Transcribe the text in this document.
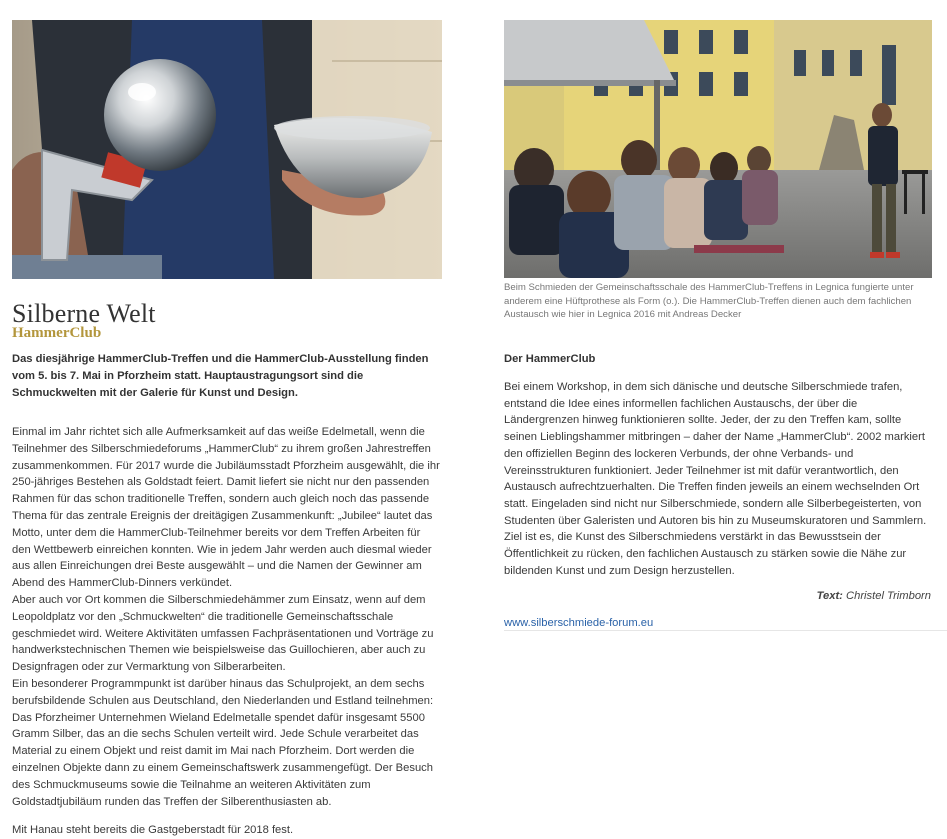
Silberne Welt
HammerClub

Das diesjährige HammerClub-Treffen und die HammerClub-Ausstellung finden vom 5. bis 7. Mai in Pforzheim statt. Hauptaustragungsort sind die Schmuckwelten mit der Galerie für Kunst und Design.

Einmal im Jahr richtet sich alle Aufmerksamkeit auf das weiße Edelmetall, wenn die Teilnehmer des Silberschmiedeforums „HammerClub“ zu ihrem großen Jahrestreffen zusammenkommen. Für 2017 wurde die Jubiläumsstadt Pforzheim ausgewählt, die ihr 250-jähriges Bestehen als Goldstadt feiert. Damit liefert sie nicht nur den passenden Rahmen für das schon traditionelle Treffen, sondern auch gleich noch das passende Thema für das zentrale Ereignis der dreitägigen Zusammenkunft: „Jubilee“ lautet das Motto, unter dem die HammerClub-Teilnehmer bereits vor dem Treffen Arbeiten für den Wettbewerb einreichen konnten. Wie in jedem Jahr werden auch diesmal wieder aus allen Einreichungen drei Beste ausgewählt – und die Namen der Gewinner am Abend des HammerClub-Dinners verkündet.

Aber auch vor Ort kommen die Silberschmiedehämmer zum Einsatz, wenn auf dem Leopoldplatz vor den „Schmuckwelten“ die traditionelle Gemeinschaftsschale geschmiedet wird. Weitere Aktivitäten umfassen Fachpräsentationen und Vorträge zu handwerkstechnischen Themen wie beispielsweise das Guillochieren, aber auch zu Designfragen oder zur Vermarktung von Silberarbeiten.

Ein besonderer Programmpunkt ist darüber hinaus das Schulprojekt, an dem sechs berufsbildende Schulen aus Deutschland, den Niederlanden und Estland teilnehmen: Das Pforzheimer Unternehmen Wieland Edelmetalle spendet dafür insgesamt 5500 Gramm Silber, das an die sechs Schulen verteilt wird. Jede Schule verarbeitet das Material zu einem Objekt und reist damit im Mai nach Pforzheim. Dort werden die einzelnen Objekte dann zu einem Gemeinschaftswerk zusammengefügt. Der Besuch des Schmuckmuseums sowie die Teilnahme an weiteren Aktivitäten zum Goldstadtjubiläum runden das Treffen der Silberenthusiasten ab.

Mit Hanau steht bereits die Gastgeberstadt für 2018 fest.

Beim Schmieden der Gemeinschaftsschale des HammerClub-Treffens in Legnica fungierte unter anderem eine Hüftprothese als Form (o.). Die HammerClub-Treffen dienen auch dem fachlichen Austausch wie hier in Legnica 2016 mit Andreas Decker

Der HammerClub

Bei einem Workshop, in dem sich dänische und deutsche Silberschmiede trafen, entstand die Idee eines informellen fachlichen Austauschs, der über die Ländergrenzen hinweg funktionieren sollte. Jeder, der zu den Treffen kam, sollte seinen Lieblingshammer mitbringen – daher der Name „HammerClub“. 2002 markiert den offiziellen Beginn des lockeren Verbunds, der ohne Verbands- und Vereinsstrukturen funktioniert. Jeder Teilnehmer ist mit dafür verantwortlich, den Austausch aufrechtzuerhalten. Die Treffen finden jeweils an einem wechselnden Ort statt. Eingeladen sind nicht nur Silberschmiede, sondern alle Silberbegeisterten, von Studenten über Galeristen und Autoren bis hin zu Museumskuratoren und Sammlern. Ziel ist es, die Kunst des Silberschmiedens verstärkt in das Bewusstsein der Öffentlichkeit zu rücken, den fachlichen Austausch zu stärken sowie die Nähe zur bildenden Kunst und zum Design herzustellen.

Text: Christel Trimborn

www.silberschmiede-forum.eu
